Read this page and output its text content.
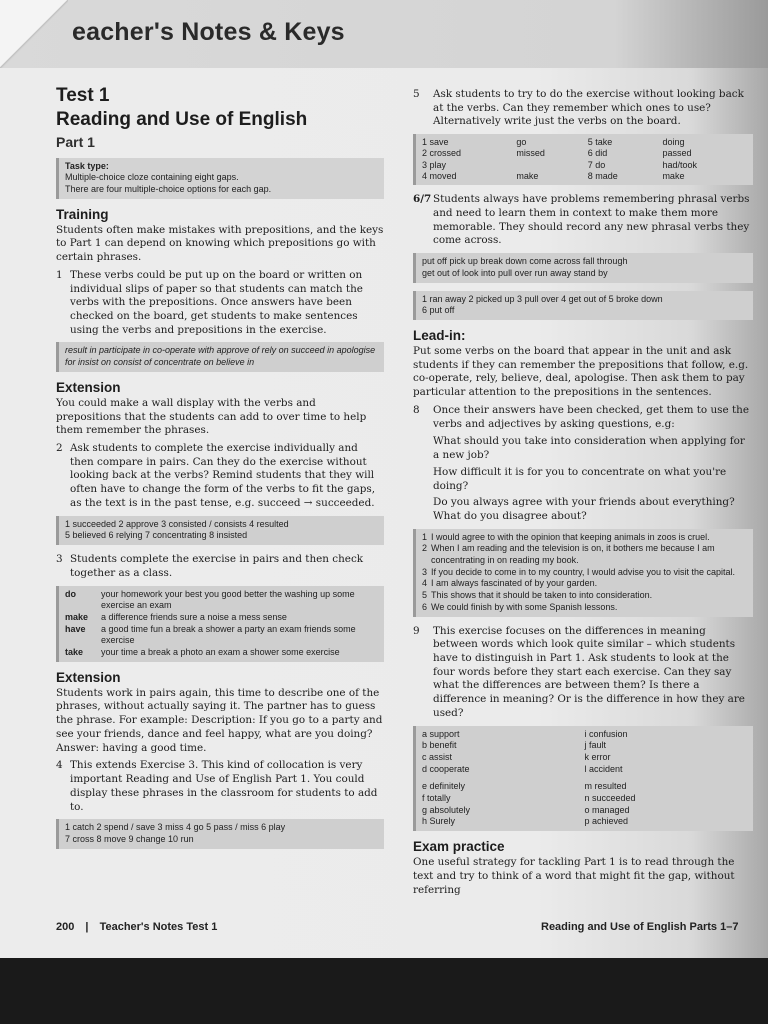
eacher's Notes & Keys
Test 1
Reading and Use of English
Part 1
Task type:
Multiple-choice cloze containing eight gaps.
There are four multiple-choice options for each gap.
Training

Students often make mistakes with prepositions, and the keys to Part 1 can depend on knowing which prepositions go with certain phrases.

1 These verbs could be put up on the board or written on individual slips of paper so that students can match the verbs with the prepositions. Once answers have been checked on the board, get students to make sentences using the verbs and prepositions in the exercise.
result in participate in co-operate with approve of rely on succeed in apologise for insist on consist of concentrate on believe in
Extension

You could make a wall display with the verbs and prepositions that the students can add to over time to help them remember the phrases.

2 Ask students to complete the exercise individually and then compare in pairs. Can they do the exercise without looking back at the verbs? Remind students that they will often have to change the form of the verbs to fit the gaps, as the text is in the past tense, e.g. succeed → succeeded.
1 succeeded 2 approve 3 consisted / consists 4 resulted
5 believed 6 relying 7 concentrating 8 insisted
3 Students complete the exercise in pairs and then check together as a class.
do	your homework your best you good better the washing up some exercise an exam
make	a difference friends sure a noise a mess sense
have	a good time fun a break a shower a party an exam friends some exercise
take	your time a break a photo an exam a shower some exercise
Extension

Students work in pairs again, this time to describe one of the phrases, without actually saying it. The partner has to guess the phrase. For example: Description: If you go to a party and see your friends, dance and feel happy, what are you doing? Answer: having a good time.

4 This extends Exercise 3. This kind of collocation is very important Reading and Use of English Part 1. You could display these phrases in the classroom for students to add to.
1 catch 2 spend / save 3 miss 4 go 5 pass / miss 6 play
7 cross 8 move 9 change 10 run
5	Ask students to try to do the exercise without looking back at the verbs. Can they remember which ones to use? Alternatively write just the verbs on the board.
1 save	go	5 take	doing
2 crossed	missed	6 did	passed
3 play		7 do	had/took
4 moved	make	8 made	make
6/7 Students always have problems remembering phrasal verbs and need to learn them in context to make them more memorable. They should record any new phrasal verbs they come across.
put off pick up break down come across fall through
get out of look into pull over run away stand by
1 ran away 2 picked up 3 pull over 4 get out of 5 broke down
6 put off
Lead-in:

Put some verbs on the board that appear in the unit and ask students if they can remember the prepositions that follow, e.g. co-operate, rely, believe, deal, apologise. Then ask them to pay particular attention to the prepositions in the sentences.

8	Once their answers have been checked, get them to use the verbs and adjectives by asking questions, e.g:

What should you take into consideration when applying for a new job?

How difficult it is for you to concentrate on what you're doing?

Do you always agree with your friends about everything? What do you disagree about?

1 I would agree to with the opinion that keeping animals in zoos is cruel.
2 When I am reading and the television is on, it bothers me because I am concentrating in on reading my book.
3 If you decide to come in to my country, I would advise you to visit the capital.
4 I am always fascinated of by your garden.
5 This shows that it should be taken to into consideration.
6 We could finish by with some Spanish lessons.
9	This exercise focuses on the differences in meaning between words which look quite similar – which students have to distinguish in Part 1. Ask students to look at the four words before they start each exercise. Can they say what the differences are between them? Is there a difference in meaning? Or is the difference in how they are used?
a support	i confusion
b benefit	j fault
c assist	k error
d cooperate	l accident
e definitely	m resulted
f totally	n succeeded
g absolutely	o managed
h Surely	p achieved
Exam practice

One useful strategy for tackling Part 1 is to read through the text and try to think of a word that might fit the gap, without referring

200 | Teacher's Notes Test 1	Reading and Use of English Parts 1–7
